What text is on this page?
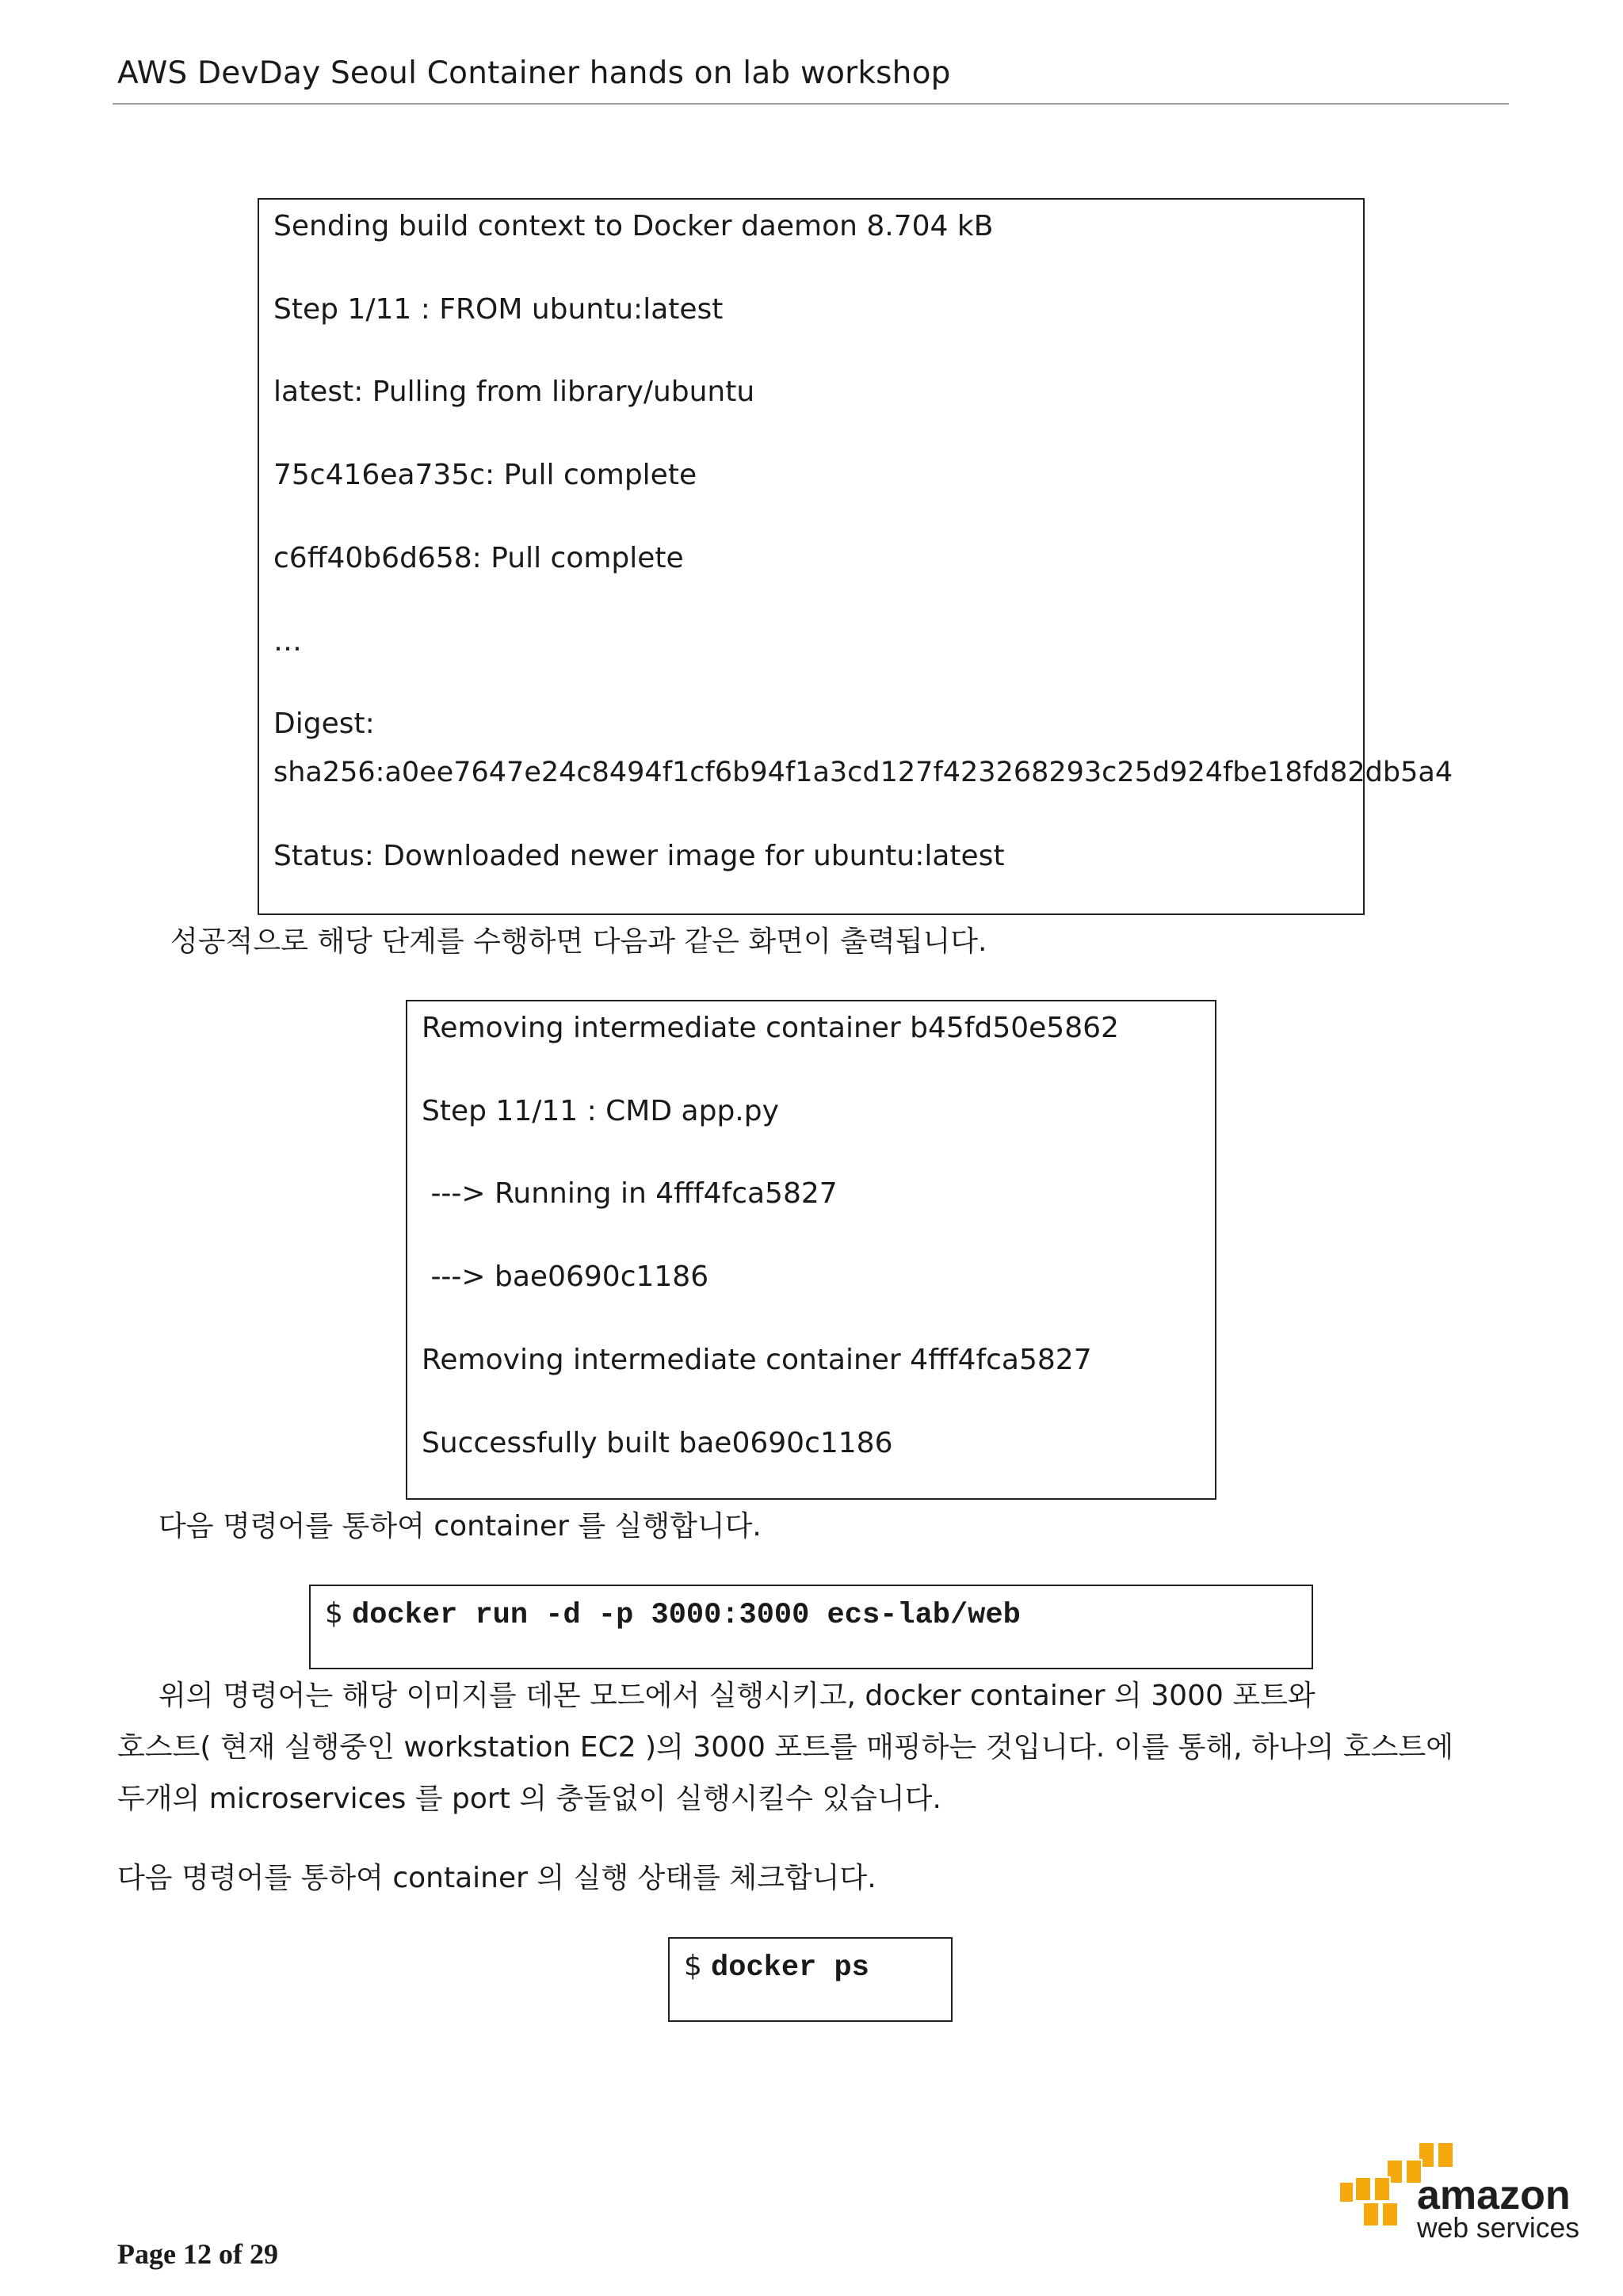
AWS DevDay Seoul Container hands on lab workshop
Sending build context to Docker daemon 8.704 kB
Step 1/11 : FROM ubuntu:latest
latest: Pulling from library/ubuntu
75c416ea735c: Pull complete
c6ff40b6d658: Pull complete
…
Digest:
sha256:a0ee7647e24c8494f1cf6b94f1a3cd127f423268293c25d924fbe18fd82db5a4
Status: Downloaded newer image for ubuntu:latest
성공적으로 해당 단계를 수행하면 다음과 같은 화면이 출력됩니다.
Removing intermediate container b45fd50e5862
Step 11/11 : CMD app.py
---> Running in 4fff4fca5827
---> bae0690c1186
Removing intermediate container 4fff4fca5827
Successfully built bae0690c1186
다음 명령어를 통하여 container 를 실행합니다.
$ docker run -d -p 3000:3000 ecs-lab/web
위의 명령어는 해당 이미지를 데몬 모드에서 실행시키고, docker container 의 3000 포트와
호스트( 현재 실행중인 workstation EC2 )의 3000 포트를 매핑하는 것입니다. 이를 통해, 하나의 호스트에
두개의 microservices 를 port 의 충돌없이 실행시킬수 있습니다.
다음 명령어를 통하여 container 의 실행 상태를 체크합니다.
$ docker ps
amazon
web services
Page 12 of 29
